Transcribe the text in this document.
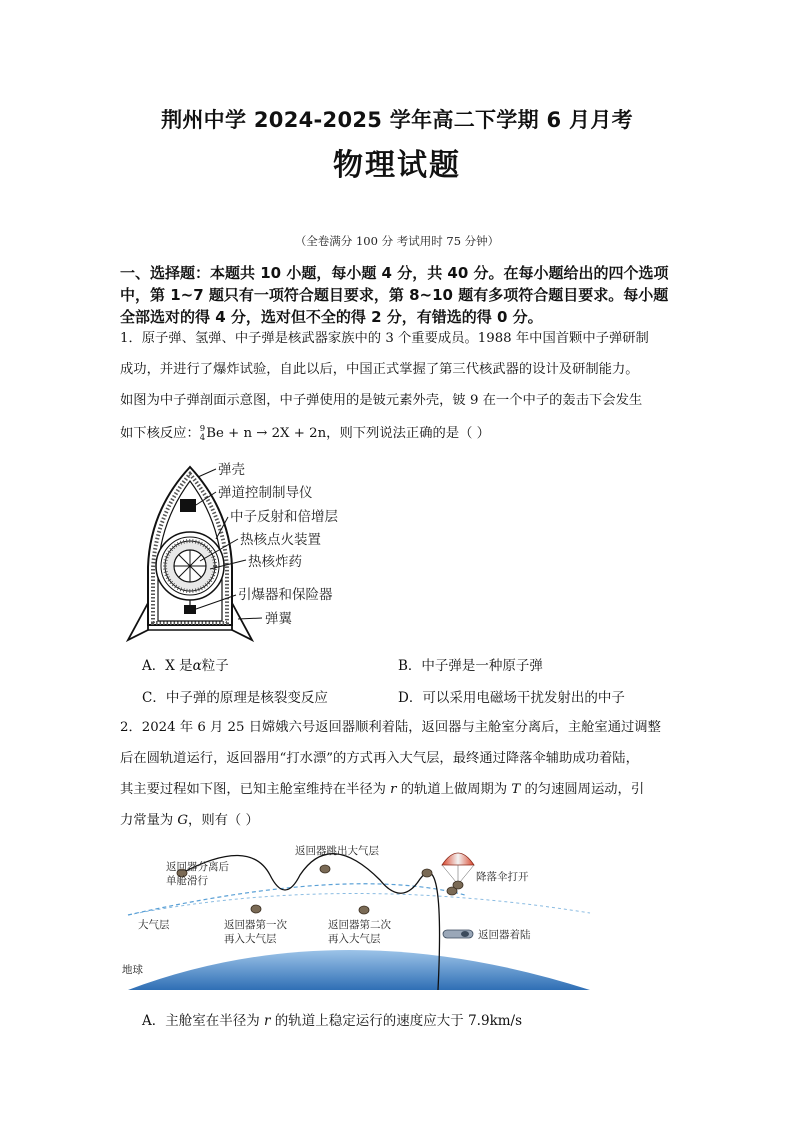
荆州中学 2024-2025 学年高二下学期 6 月月考
物理试题
（全卷满分 100 分 考试用时 75 分钟）
一、选择题：本题共 10 小题，每小题 4 分，共 40 分。在每小题给出的四个选项中，第 1~7 题只有一项符合题目要求，第 8~10 题有多项符合题目要求。每小题全部选对的得 4 分，选对但不全的得 2 分，有错选的得 0 分。
1．原子弹、氢弹、中子弹是核武器家族中的 3 个重要成员。1988 年中国首颗中子弹研制
成功，并进行了爆炸试验，自此以后，中国正式掌握了第三代核武器的设计及研制能力。
如图为中子弹剖面示意图，中子弹使用的是铍元素外壳，铍 9 在一个中子的轰击下会发生
如下核反应： 9
4 Be + n → 2X + 2n，则下列说法正确的是（ ）
弹壳
弹道控制制导仪
中子反射和倍增层
热核点火装置
热核炸药
引爆器和保险器
弹翼
A．X 是α粒子	B．中子弹是一种原子弹
C．中子弹的原理是核裂变反应	D．可以采用电磁场干扰发射出的中子
2．2024 年 6 月 25 日嫦娥六号返回器顺利着陆，返回器与主舱室分离后，主舱室通过调整
后在圆轨道运行，返回器用“打水漂”的方式再入大气层，最终通过降落伞辅助成功着陆，
其主要过程如下图，已知主舱室维持在半径为 r 的轨道上做周期为 T 的匀速圆周运动，引
力常量为 G，则有（ ）
返回器分离后
单舱滑行
返回器跳出大气层
降落伞打开
大气层	返回器第一次
再入大气层
返回器第二次
再入大气层	返回器着陆
地球
A．主舱室在半径为 r 的轨道上稳定运行的速度应大于 7.9km/s
